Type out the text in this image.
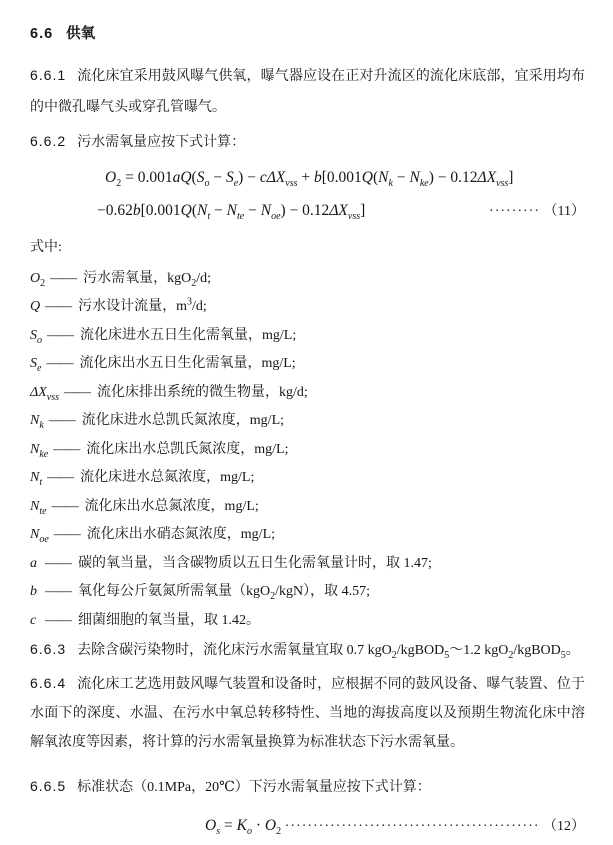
6.6 供氧

6.6.1 流化床宜采用鼓风曝气供氧，曝气器应设在正对升流区的流化床底部，宜采用均布的中微孔曝气头或穿孔管曝气。

6.6.2 污水需氧量应按下式计算：

$O_2 = 0.001aQ(S_o - S_e) - c\Delta X_{vss} + b[0.001Q(N_k - N_{ke}) - 0.12\Delta X_{vss}]$
$-0.62b[0.001Q(N_t - N_{te} - N_{oe}) - 0.12\Delta X_{vss}]$	········· （11）
式中:
$O_2$ —— 污水需氧量，kgO$_2$/d;
Q —— 污水设计流量，$m^3/d$;
$S_o$ —— 流化床进水五日生化需氧量，mg/L;
$S_e$ —— 流化床出水五日生化需氧量，mg/L;
$\Delta X_{vss}$ —— 流化床排出系统的微生物量，kg/d;
$N_k$ —— 流化床进水总凯氏氮浓度，mg/L;
$N_{ke}$ —— 流化床出水总凯氏氮浓度，mg/L;
$N_t$ —— 流化床进水总氮浓度，mg/L;
$N_{te}$ —— 流化床出水总氮浓度，mg/L;
$N_{oe}$ —— 流化床出水硝态氮浓度，mg/L;
a —— 碳的氧当量，当含碳物质以五日生化需氧量计时，取 1.47;
b —— 氧化每公斤氨氮所需氧量（kgO$_2$/kgN），取 4.57;
c —— 细菌细胞的氧当量，取 1.42。

6.6.3 去除含碳污染物时，流化床污水需氧量宜取 0.7 kgO$_2$/kgBOD$_5$～1.2 kgO$_2$/kgBOD$_5$。

6.6.4 流化床工艺选用鼓风曝气装置和设备时，应根据不同的鼓风设备、曝气装置、位于水面下的深度、水温、在污水中氧总转移特性、当地的海拔高度以及预期生物流化床中溶解氧浓度等因素，将计算的污水需氧量换算为标准状态下污水需氧量。

6.6.5 标准状态（0.1MPa，20℃）下污水需氧量应按下式计算：

$O_s = K_o \cdot O_2$ ············································· （12）
